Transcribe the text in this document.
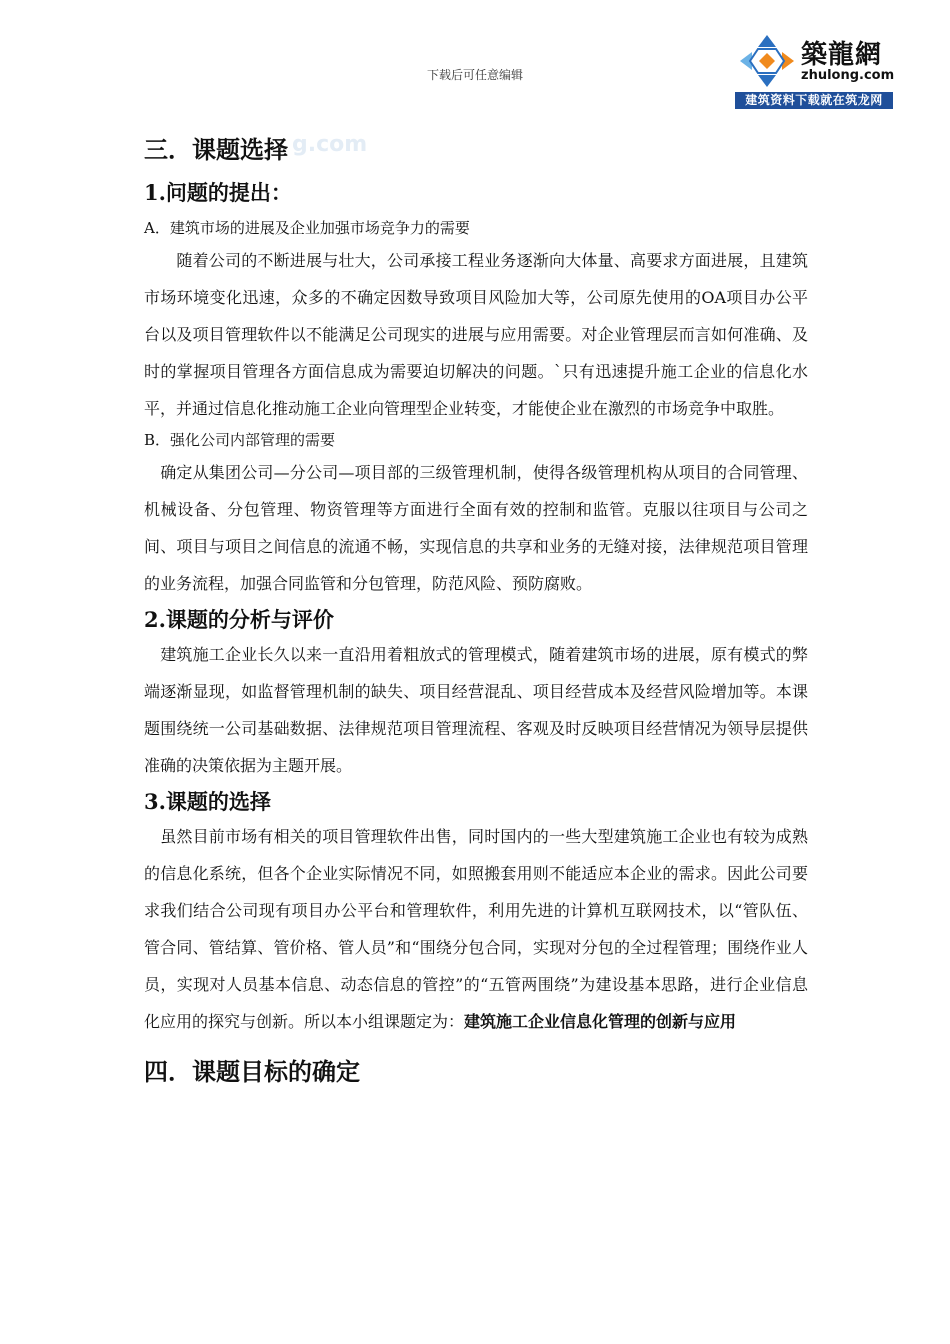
下载后可任意编辑
築龍網
zhulong.com
建筑资料下载就在筑龙网
三．课题选择 g.com
1.问题的提出：
A．建筑市场的进展及企业加强市场竞争力的需要

　　随着公司的不断进展与壮大，公司承接工程业务逐渐向大体量、高要求方面进展，且建筑市场环境变化迅速，众多的不确定因数导致项目风险加大等，公司原先使用的OA项目办公平台以及项目管理软件以不能满足公司现实的进展与应用需要。对企业管理层而言如何准确、及时的掌握项目管理各方面信息成为需要迫切解决的问题。`只有迅速提升施工企业的信息化水平，并通过信息化推动施工企业向管理型企业转变，才能使企业在激烈的市场竞争中取胜。

B．强化公司内部管理的需要

　确定从集团公司—分公司—项目部的三级管理机制，使得各级管理机构从项目的合同管理、机械设备、分包管理、物资管理等方面进行全面有效的控制和监管。克服以往项目与公司之间、项目与项目之间信息的流通不畅，实现信息的共享和业务的无缝对接，法律规范项目管理的业务流程，加强合同监管和分包管理，防范风险、预防腐败。

2.课题的分析与评价

　建筑施工企业长久以来一直沿用着粗放式的管理模式，随着建筑市场的进展，原有模式的弊端逐渐显现，如监督管理机制的缺失、项目经营混乱、项目经营成本及经营风险增加等。本课题围绕统一公司基础数据、法律规范项目管理流程、客观及时反映项目经营情况为领导层提供准确的决策依据为主题开展。

3.课题的选择

　虽然目前市场有相关的项目管理软件出售，同时国内的一些大型建筑施工企业也有较为成熟的信息化系统，但各个企业实际情况不同，如照搬套用则不能适应本企业的需求。因此公司要求我们结合公司现有项目办公平台和管理软件，利用先进的计算机互联网技术，以“管队伍、管合同、管结算、管价格、管人员”和“围绕分包合同，实现对分包的全过程管理；围绕作业人员，实现对人员基本信息、动态信息的管控”的“五管两围绕”为建设基本思路，进行企业信息化应用的探究与创新。所以本小组课题定为：建筑施工企业信息化管理的创新与应用

四．课题目标的确定
